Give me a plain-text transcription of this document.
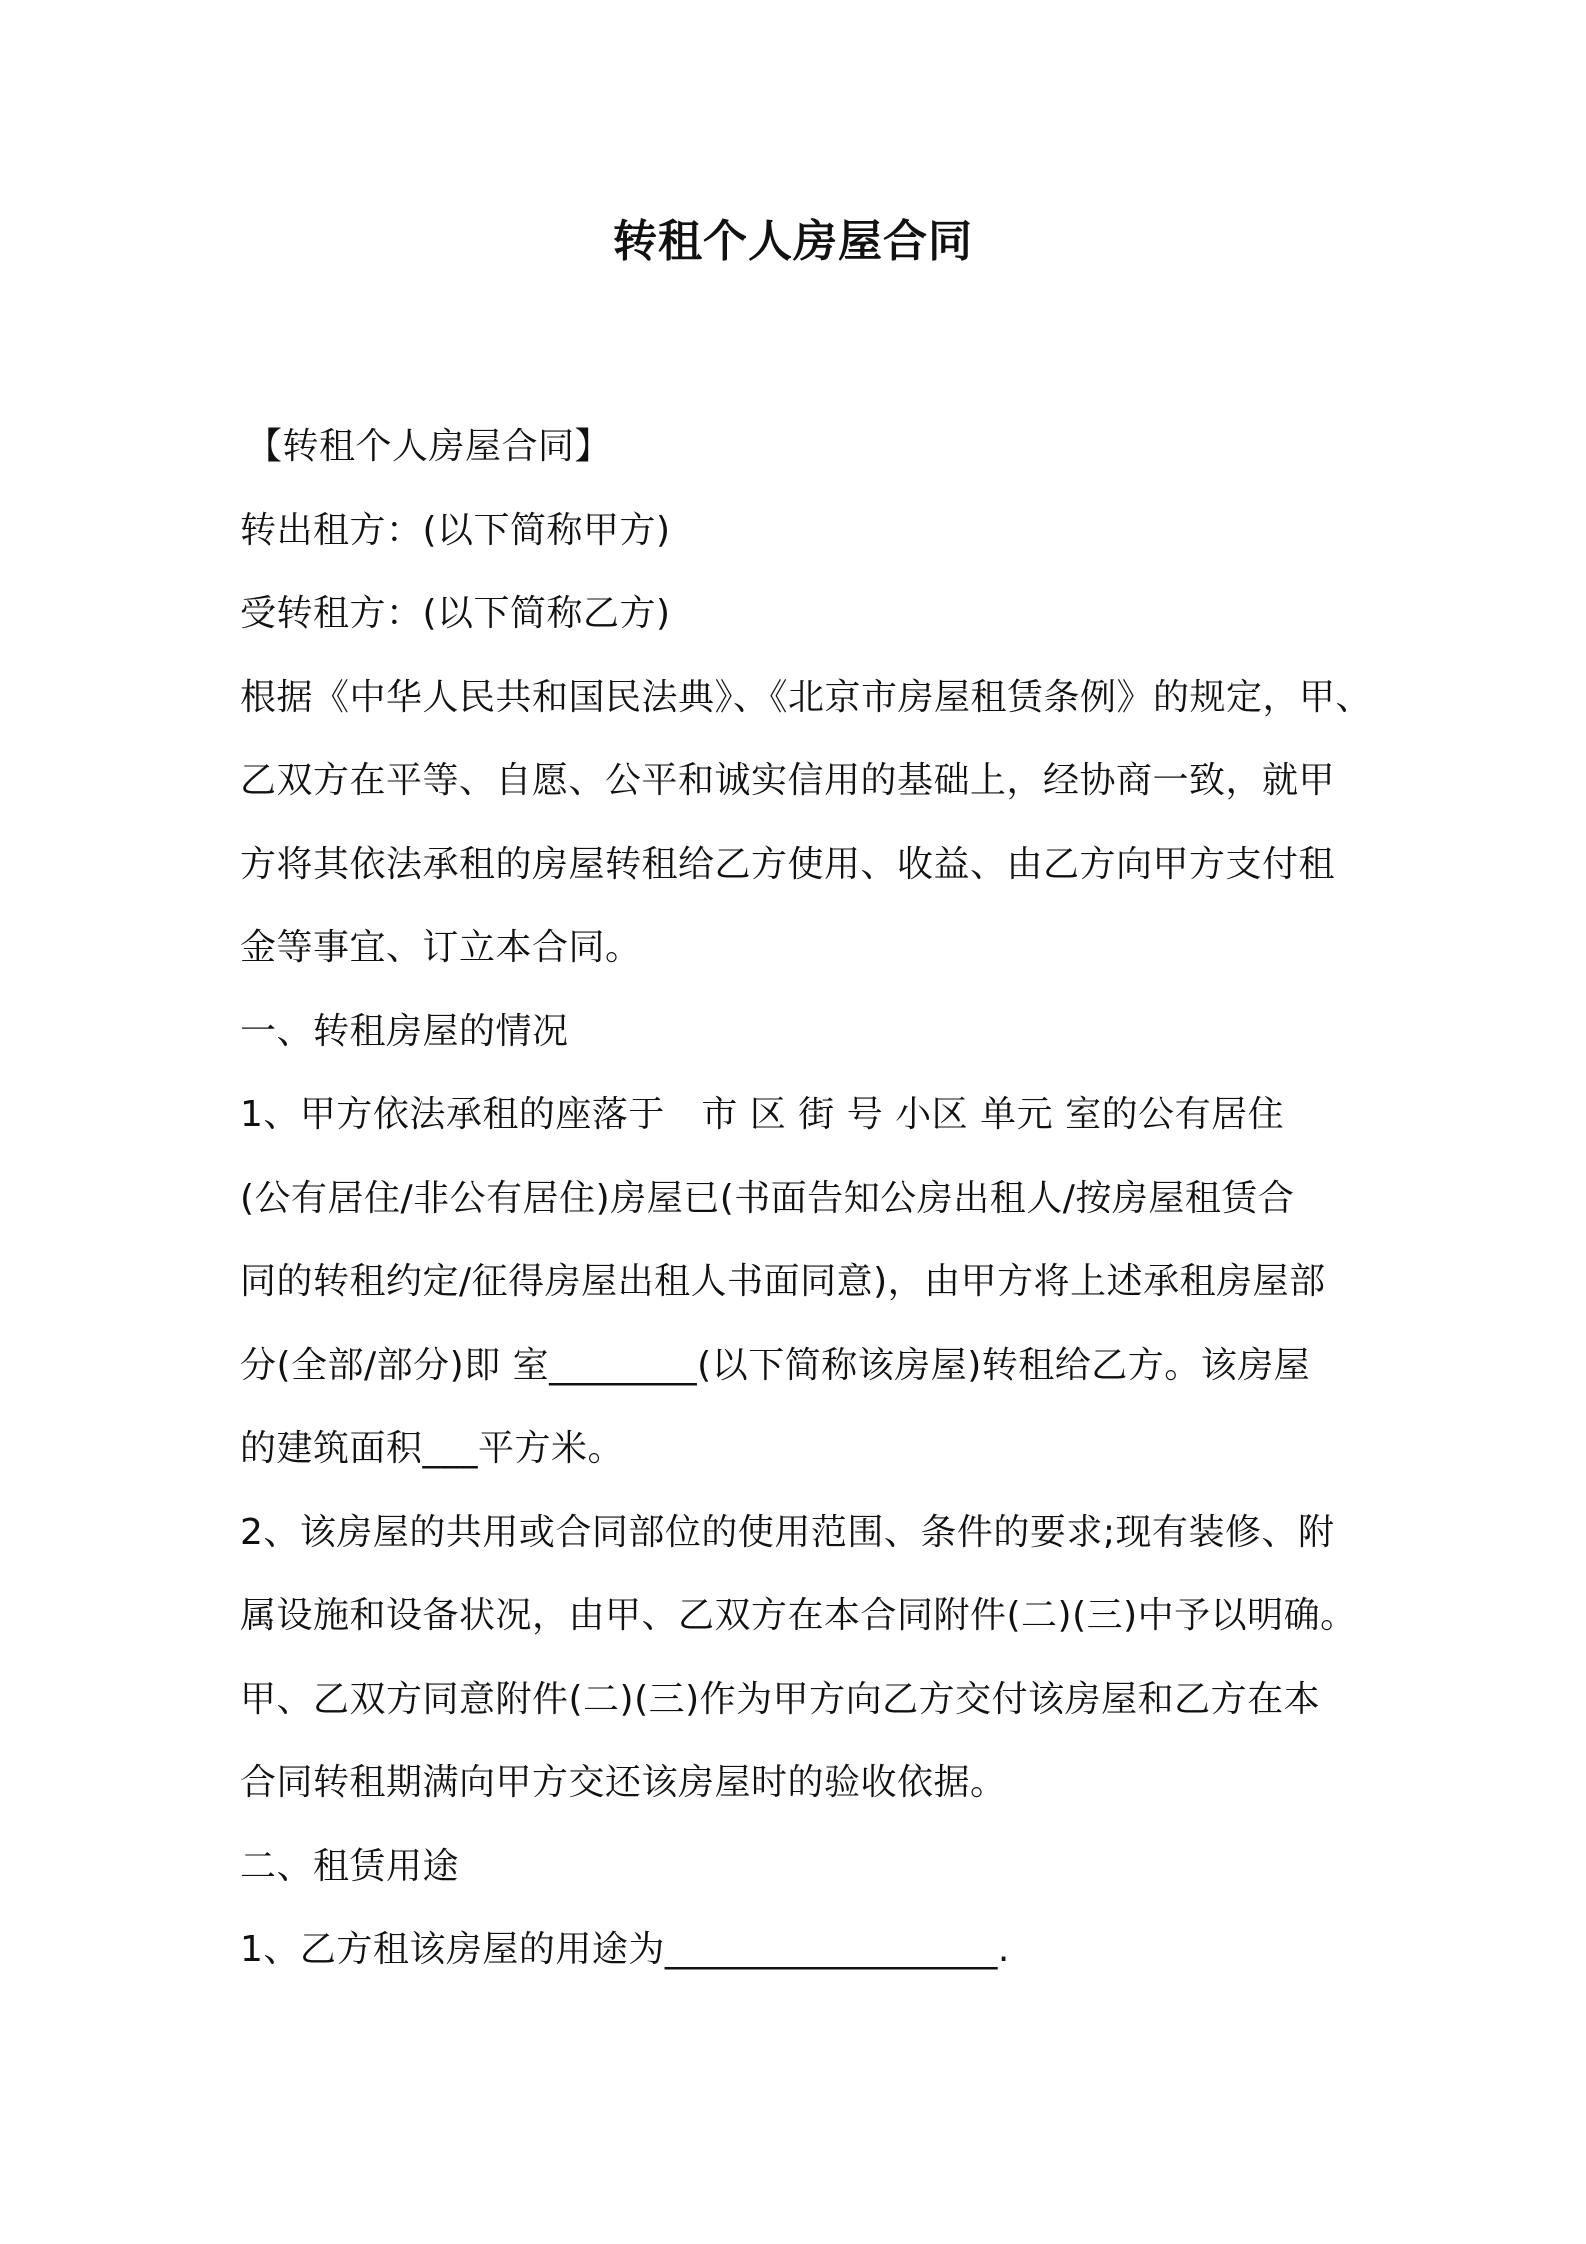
转租个人房屋合同
【转租个人房屋合同】
转出租方：(以下简称甲方)
受转租方：(以下简称乙方)
根据《中华人民共和国民法典》、《北京市房屋租赁条例》的规定，甲、
乙双方在平等、自愿、公平和诚实信用的基础上，经协商一致，就甲
方将其依法承租的房屋转租给乙方使用、收益、由乙方向甲方支付租
金等事宜、订立本合同。
一、转租房屋的情况
1、甲方依法承租的座落于　市 区 街 号 小区 单元 室的公有居住
(公有居住/非公有居住)房屋已(书面告知公房出租人/按房屋租赁合
同的转租约定/征得房屋出租人书面同意)，由甲方将上述承租房屋部
分(全部/部分)即 室________(以下简称该房屋)转租给乙方。该房屋
的建筑面积___平方米。
2、该房屋的共用或合同部位的使用范围、条件的要求;现有装修、附
属设施和设备状况，由甲、乙双方在本合同附件(二)(三)中予以明确。
甲、乙双方同意附件(二)(三)作为甲方向乙方交付该房屋和乙方在本
合同转租期满向甲方交还该房屋时的验收依据。
二、租赁用途
1、乙方租该房屋的用途为__________________.
